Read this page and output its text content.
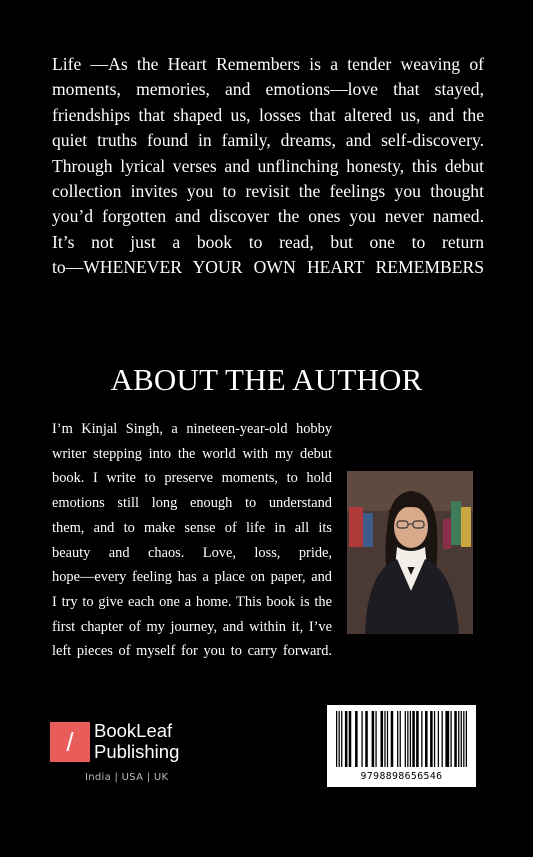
Life —As the Heart Remembers is a tender weaving of
moments, memories, and emotions—love that stayed,
friendships that shaped us, losses that altered us, and the
quiet truths found in family, dreams, and self-discovery.
Through lyrical verses and unflinching honesty, this debut
collection invites you to revisit the feelings you thought
you’d forgotten and discover the ones you never named.
It’s not just a book to read, but one to return
to—WHENEVER YOUR OWN HEART REMEMBERS
ABOUT THE AUTHOR
I’m Kinjal Singh, a nineteen-year-old hobby
writer stepping into the world with my debut
book. I write to preserve moments, to hold
emotions still long enough to understand
them, and to make sense of life in all its
beauty and chaos. Love, loss, pride,
hope—every feeling has a place on paper, and
I try to give each one a home. This book is the
first chapter of my journey, and within it, I’ve
left pieces of myself for you to carry forward.
/	BookLeaf
Publishing
India | USA | UK	9798898656546
